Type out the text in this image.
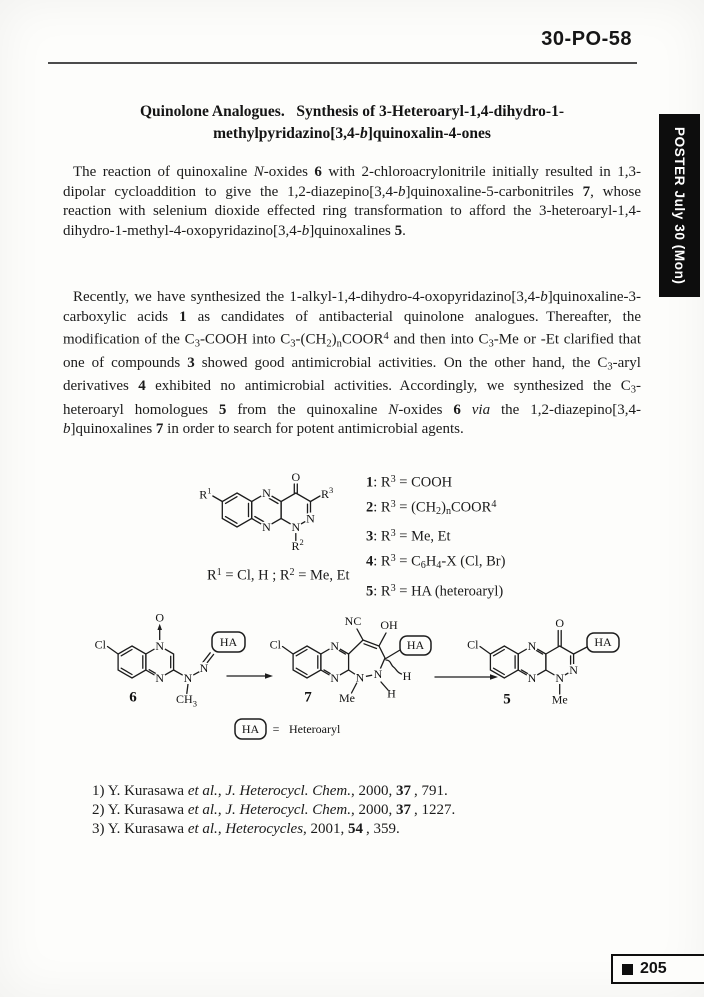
30-PO-58
POSTER July 30 (Mon)
Quinolone Analogues.  Synthesis of 3-Heteroaryl-1,4-dihydro-1-
methylpyridazino[3,4-b]quinoxalin-4-ones

The reaction of quinoxaline N-oxides 6 with 2-chloroacrylonitrile initially resulted in 1,3-dipolar cycloaddition to give the 1,2-diazepino[3,4-b]quinoxaline-5-carbonitriles 7, whose reaction with selenium dioxide effected ring transformation to afford the 3-heteroaryl-1,4-dihydro-1-methyl-4-oxopyridazino[3,4-b]quinoxalines 5.

Recently, we have synthesized the 1-alkyl-1,4-dihydro-4-oxopyridazino[3,4-b]quinoxaline-3-carboxylic acids 1 as candidates of antibacterial quinolone analogues. Thereafter, the modification of the C3-COOH into C3-(CH2)nCOOR$^4$ and then into C3-Me or -Et clarified that one of compounds 3 showed good antimicrobial activities. On the other hand, the C3-aryl derivatives 4 exhibited no antimicrobial activities. Accordingly, we synthesized the C3-heteroaryl homologues 5 from the quinoxaline N-oxides 6 via the 1,2-diazepino[3,4-b]quinoxalines 7 in order to search for potent antimicrobial agents.

O
N
N
N
N
$R^1$	$R^3$
$R^2$
1: $R^3$ = COOH
2: $R^3$ = (CH2)nCOOR$^4$
3: $R^3 = Me$, Et
4: $R^3 = C6H4-X$ (Cl, Br)
5: $R^3$ = HA (heteroaryl)
$R^1 = Cl$, H ; $R^2 = Me$, Et
Cl
O
N
N N
N
$CH_3$
HA
6
Cl
NC OH
N
N	N
N	H
H
Me
HA
7
Cl
O
N
N
N
N
Me
HA
5
HA = Heteroaryl
1) Y. Kurasawa et al., J. Heterocycl. Chem., 2000, 37 , 791.
2) Y. Kurasawa et al., J. Heterocycl. Chem., 2000, 37 , 1227.
3) Y. Kurasawa et al., Heterocycles, 2001, 54 , 359.
205
